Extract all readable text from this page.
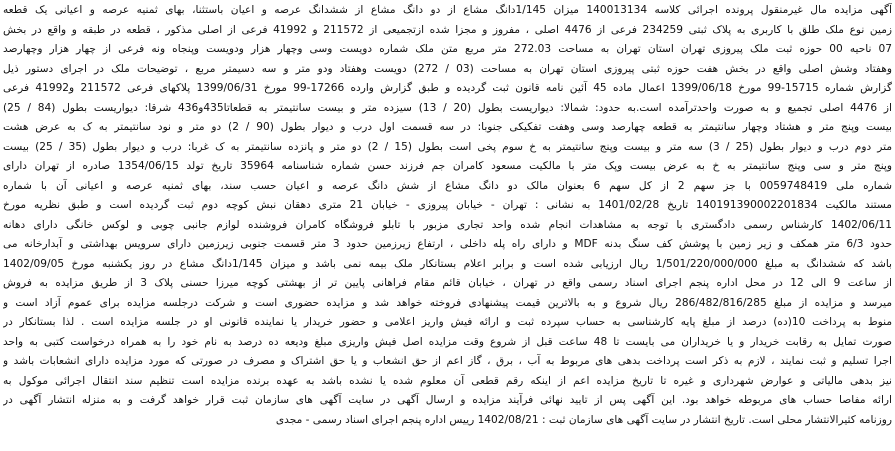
آگهی مزایده مال غیرمنقول پرونده اجرائی کلاسه 140013134 میزان 1/145دانگ مشاع از دو دانگ مشاع از ششدانگ عرصه و اعیان باستثنا، بهای ثمنیه عرصه و اعیانی یک قطعه
زمین نوع ملک طلق با کاربری به پلاک ثبتی 234259 فرعی از 4476 اصلی ، مفروز و مجزا شده ازتجمیعی از 211572 و 41992 فرعی از اصلی مذکور ، قطعه در طبقه و واقع در بخش
07 ناحیه 00 حوزه ثبت ملک پیروزی تهران استان تهران به مساحت 272.03 متر مربع متن ملک شماره دویست وسی وچهار هزار ودویست وپنجاه ونه فرعی از چهار هزار وچهارصد
وهفتاد وشش اصلی واقع در بخش هفت حوزه ثبتی پیروزی استان تهران به مساحت (03 / 272) دویست وهفتاد ودو متر و سه دسیمتر مربع ، توضیحات ملک در اجرای دستور ذیل
گزارش شماره 15715-99 مورخ 1399/06/18 اعمال ماده 45 آئین نامه قانون ثبت گردیده و طبق گزارش وارده 17266-99 مورخ 1399/06/31 پلاکهای فرعی 211572 و41992 فرعی
از 4476 اصلی تجمیع و به صورت واحدترآمده است.به حدود: شمالا: دیواریست بطول (20 / 13) سیزده متر و بیست سانتیمتر به قطعاتا435و436 شرقا: دیواریست بطول (84 / 25)
بیست وپنج متر و هشتاد وچهار سانتیمتر به قطعه چهارصد وسی وهفت تفکیکی جنوبا: در سه قسمت اول درب و دیوار بطول (90 / 2) دو متر و نود سانتیمتر به ک به عرض هشت
متر دوم درب و دیوار بطول (25 / 3) سه متر و بیست وپنج سانتیمتر به خ سوم پخی است بطول (15 / 2) دو متر و پانزده سانتیمتر به ک غربا: درب و دیوار بطول (35 / 25) بیست
وپنج متر و سی وپنج سانتیمتر به خ به عرض بیست وپک متر با مالکیت مسعود کامران جم فرزند حسن شماره شناسنامه 35964 تاریخ تولد 1354/06/15 صادره از تهران دارای
شماره ملی 0059748419 با جز سهم 2 از کل سهم 6 بعنوان مالک دو دانگ مشاع از شش دانگ عرصه و اعیان حسب سند، بهای ثمنیه عرصه و اعیانی آن با شماره
مستند مالکیت 140191390002201834 تاریخ 1401/02/28 به نشانی : تهران - خیابان پیروزی - خیابان 21 متری دهقان نبش کوچه دوم ثبت گردیده است و طبق نظریه مورخ
1402/06/11 کارشناس رسمی دادگستری با توجه به مشاهدات انجام شده واحد تجاری مزبور با تابلو فروشگاه کامران فروشنده لوازم جانبی چوبی و لوکس خانگی دارای دهانه
حدود 6/3 متر همکف و زیر زمین با پوشش کف سنگ بدنه MDF و دارای راه پله داخلی ، ارتفاع زیرزمین حدود 3 متر قسمت جنوبی زیرزمین دارای سرویس بهداشتی و آبدارخانه می
باشد که ششدانگ به مبلغ 1/501/220/000/000 ریال ارزیابی شده است و برابر اعلام بستانکار ملک بیمه نمی باشد و میزان 1/145دانگ مشاع در روز یکشنبه مورخ 1402/09/05
از ساعت 9 الی 12 در محل اداره پنجم اجرای اسناد رسمی واقع در تهران ، خیابان قائم مقام فراهانی پایین تر از بهشتی کوچه میرزا حسنی پلاک 3 از طریق مزایده به فروش
میرسد و مزایده از مبلغ 286/482/816/285 ریال شروع و به بالاترین قیمت پیشنهادی فروخته خواهد شد و مزایده حضوری است و شرکت درجلسه مزایده برای عموم آزاد است و
منوط به پرداخت 10(ده) درصد از مبلغ پایه کارشناسی به حساب سپرده ثبت و ارائه فیش واریز اعلامی و حضور خریدار یا نماینده قانونی او در جلسه مزایده است . لذا بستانکار در
صورت تمایل به رقابت خریدار و یا خریداران می بایست تا 48 ساعت قبل از شروع وقت مزایده اصل فیش واریزی مبلغ ودیعه ده درصد به نام خود را به همراه درخواست کتبی به واحد
اجرا تسلیم و ثبت نمایند ، لازم به ذکر است پرداخت بدهی های مربوط به آب ، برق ، گاز اعم از حق انشعاب و یا حق اشتراک و مصرف در صورتی که مورد مزایده دارای انشعابات باشد و
نیز بدهی مالیاتی و عوارض شهرداری و غیره تا تاریخ مزایده اعم از اینکه رقم قطعی آن معلوم شده یا نشده باشد به عهده برنده مزایده است تنظیم سند انتقال اجرائی موکول به
ارائه مفاصا حساب های مربوطه خواهد بود. این آگهی پس از تایید نهائی فرآیند مزایده و ارسال آگهی در سایت آگهی های سازمان ثبت قرار خواهد گرفت و به منزله انتشار آگهی در
روزنامه کثیرالانتشار محلی است. تاریخ انتشار در سایت آگهی های سازمان ثبت : 1402/08/21 رییس اداره پنجم اجرای اسناد رسمی - مجدی
